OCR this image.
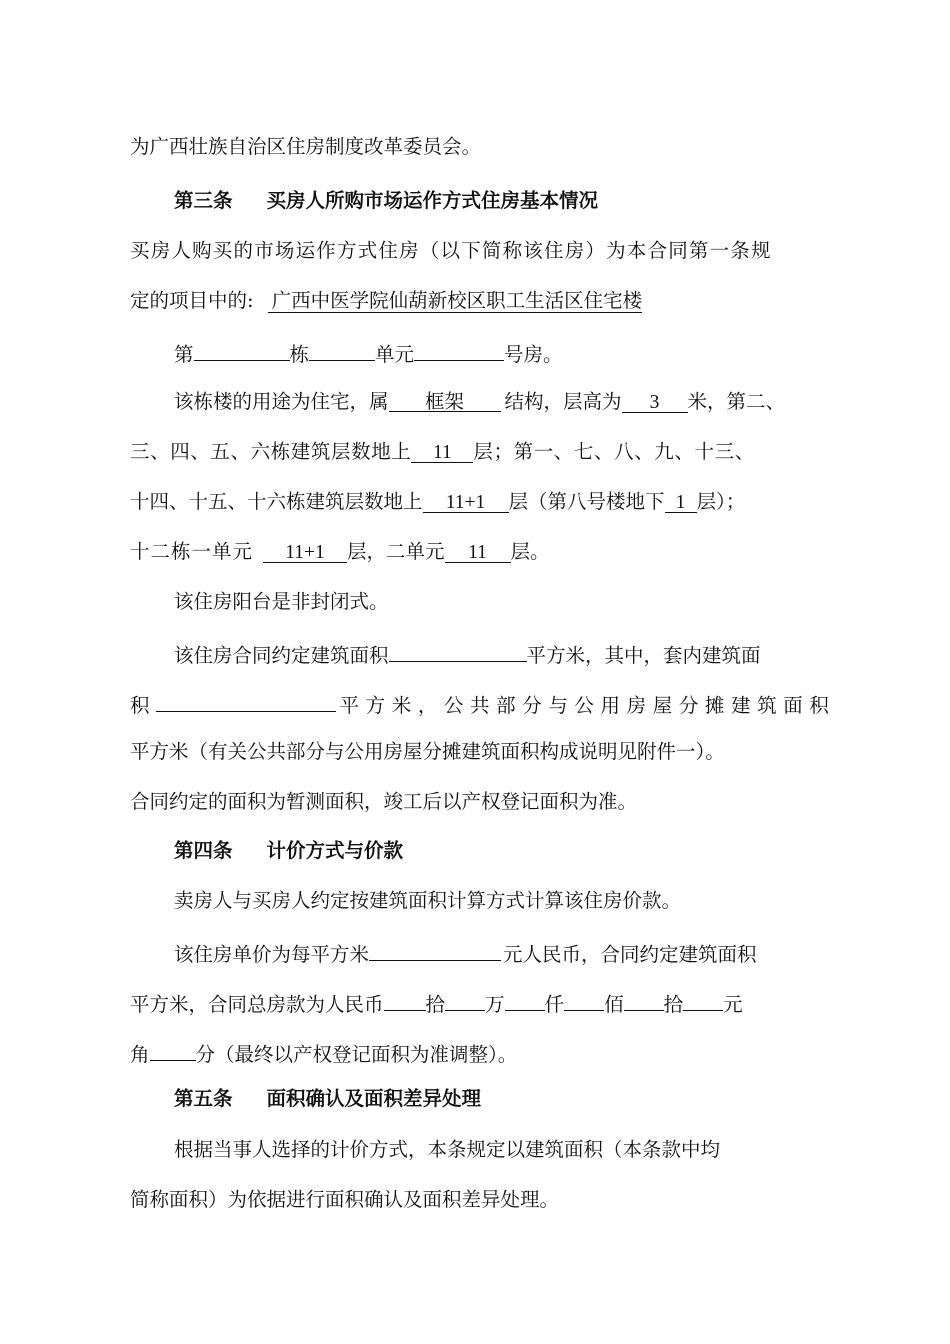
为广西壮族自治区住房制度改革委员会。
第三条 买房人所购市场运作方式住房基本情况
买房人购买的市场运作方式住房（以下简称该住房）为本合同第一条规
定的项目中的: 广西中医学院仙葫新校区职工生活区住宅楼
第	栋	单元	号房。
该栋楼的用途为住宅，属 框架 结构，层高为 3 米，第二、
三、四、五、六栋建筑层数地上 11 层；第一、七、八、九、十三、
十四、十五、十六栋建筑层数地上 11+1 层（第八号楼地下 1 层）；
十二栋一单元 11+1 层，二单元 11 层。
该住房阳台是非封闭式。
该住房合同约定建筑面积	平方米，其中，套内建筑面
积	平方米，公共部分与公用房屋分摊建筑面积
平方米（有关公共部分与公用房屋分摊建筑面积构成说明见附件一）。
合同约定的面积为暂测面积，竣工后以产权登记面积为准。
第四条 计价方式与价款
卖房人与买房人约定按建筑面积计算方式计算该住房价款。
该住房单价为每平方米	元人民币，合同约定建筑面积
平方米，合同总房款为人民币 拾 万 仟 佰 拾 元
角 分（最终以产权登记面积为准调整）。
第五条 面积确认及面积差异处理
根据当事人选择的计价方式，本条规定以建筑面积（本条款中均
简称面积）为依据进行面积确认及面积差异处理。
